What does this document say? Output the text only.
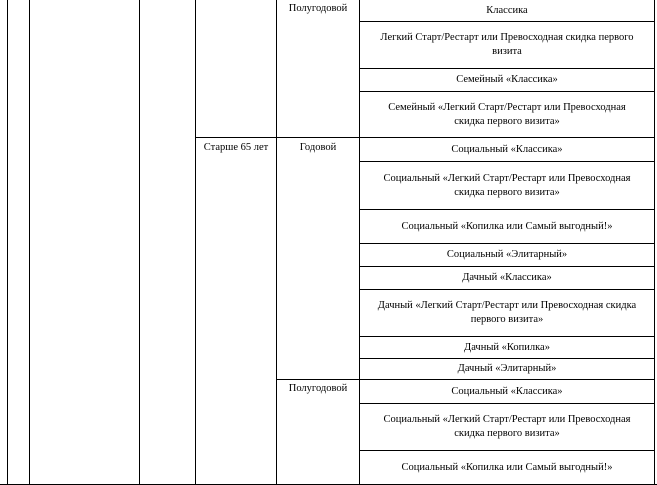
Полугодовой
Старше 65 лет	Годовой
Полугодовой
Классика
Легкий Старт/Рестарт или Превосходная скидка первого визита
Семейный «Классика»
Семейный «Легкий Старт/Рестарт или Превосходная скидка первого визита»
Социальный «Классика»
Социальный «Легкий Старт/Рестарт или Превосходная скидка первого визита»
Социальный «Копилка или Самый выгодный!»
Социальный «Элитарный»
Дачный «Классика»
Дачный «Легкий Старт/Рестарт или Превосходная скидка первого визита»
Дачный «Копилка»
Дачный «Элитарный»
Социальный «Классика»
Социальный «Легкий Старт/Рестарт или Превосходная скидка первого визита»
Социальный «Копилка или Самый выгодный!»
